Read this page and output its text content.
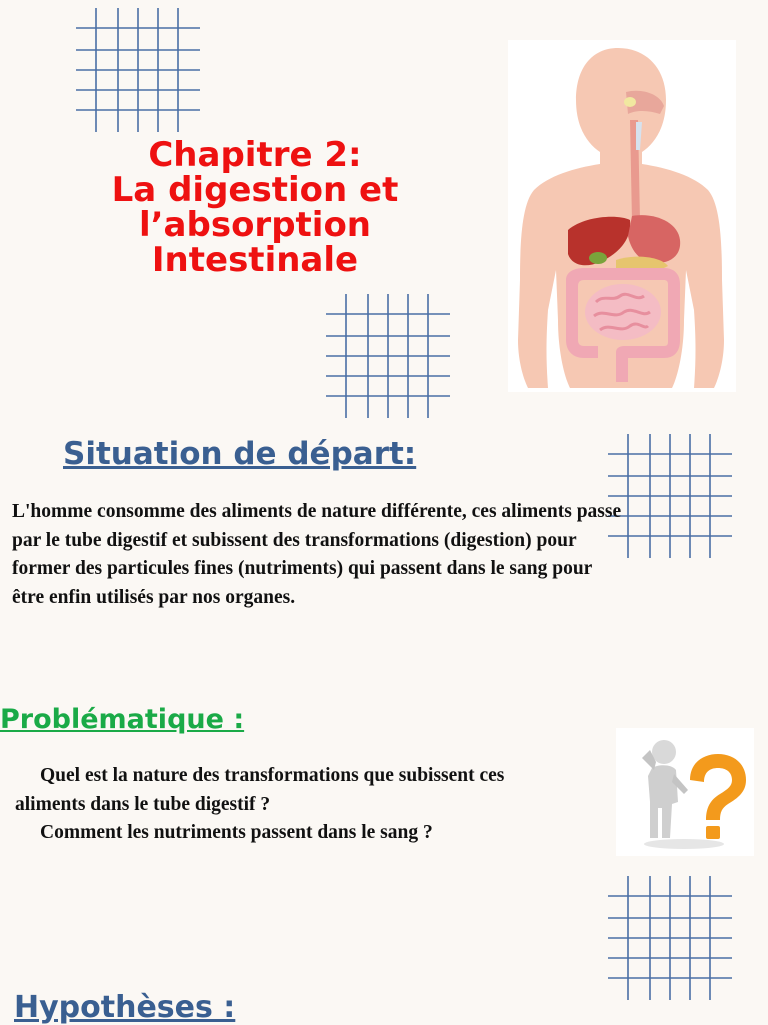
Chapitre 2:
La digestion et
l’absorption
Intestinale
Situation de départ:
L'homme consomme des aliments de nature différente, ces aliments passe par le tube digestif et subissent des transformations (digestion) pour former des particules fines (nutriments) qui passent dans le sang pour être enfin utilisés par nos organes.
Problématique :
Quel est la nature des transformations que subissent ces
aliments dans le tube digestif ?
Comment les nutriments passent dans le sang ?
Hypothèses :
